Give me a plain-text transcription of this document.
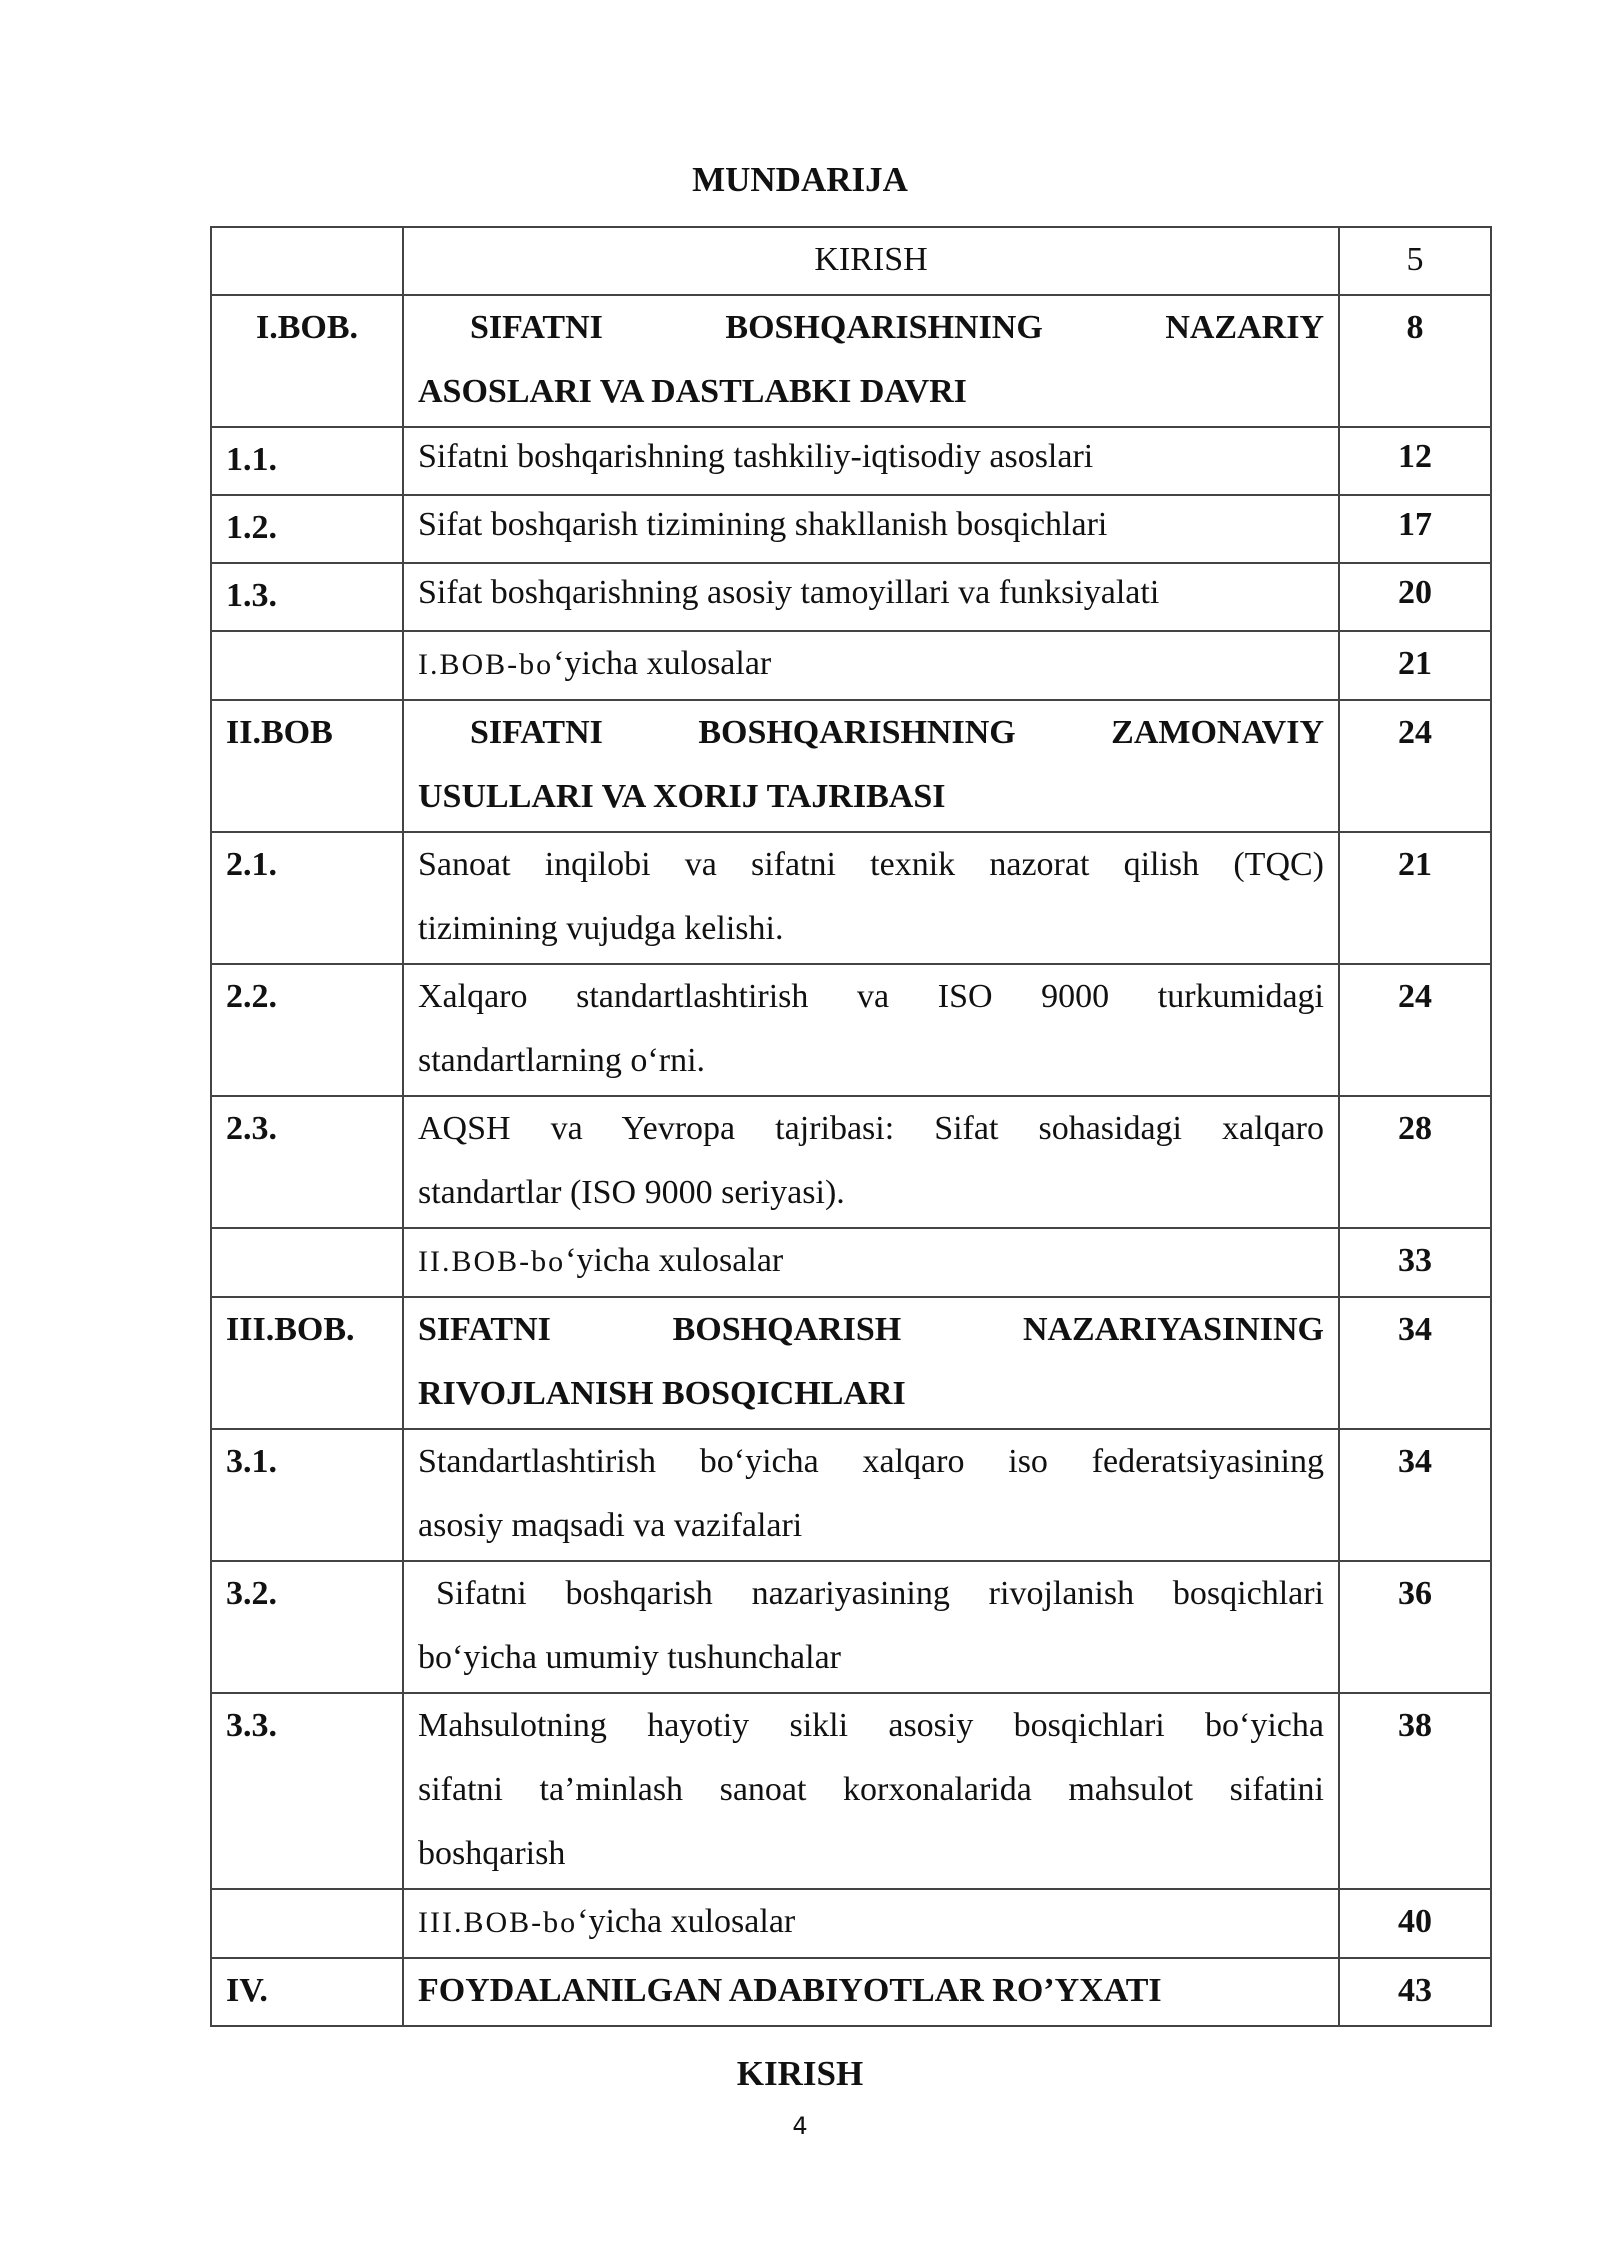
MUNDARIJA
	KIRISH	5
I.BOB.	SIFATNI BOSHQARISHNING NAZARIY
ASOSLARI VA DASTLABKI DAVRI	8
1.1.	Sifatni boshqarishning tashkiliy-iqtisodiy asoslari	12
1.2.	Sifat boshqarish tizimining shakllanish bosqichlari	17
1.3.	Sifat boshqarishning asosiy tamoyillari va funksiyalati	20
	I.BOB-bo‘yicha xulosalar	21
II.BOB	SIFATNI BOSHQARISHNING ZAMONAVIY
USULLARI VA XORIJ TAJRIBASI	24
2.1.	Sanoat inqilobi va sifatni texnik nazorat qilish (TQC)
tizimining vujudga kelishi.	21
2.2.	Xalqaro standartlashtirish va ISO 9000 turkumidagi
standartlarning o‘rni.	24
2.3.	AQSH va Yevropa tajribasi: Sifat sohasidagi xalqaro
standartlar (ISO 9000 seriyasi).	28
	II.BOB-bo‘yicha xulosalar	33
III.BOB.	SIFATNI BOSHQARISH NAZARIYASINING
RIVOJLANISH BOSQICHLARI	34
3.1.	Standartlashtirish bo‘yicha xalqaro iso federatsiyasining
asosiy maqsadi va vazifalari	34
3.2.	Sifatni boshqarish nazariyasining rivojlanish bosqichlari
bo‘yicha umumiy tushunchalar	36
3.3.	Mahsulotning hayotiy sikli asosiy bosqichlari bo‘yicha
sifatni ta’minlash sanoat korxonalarida mahsulot sifatini
boshqarish	38
	III.BOB-bo‘yicha xulosalar	40
IV.	FOYDALANILGAN ADABIYOTLAR RO’YXATI	43
KIRISH
4
